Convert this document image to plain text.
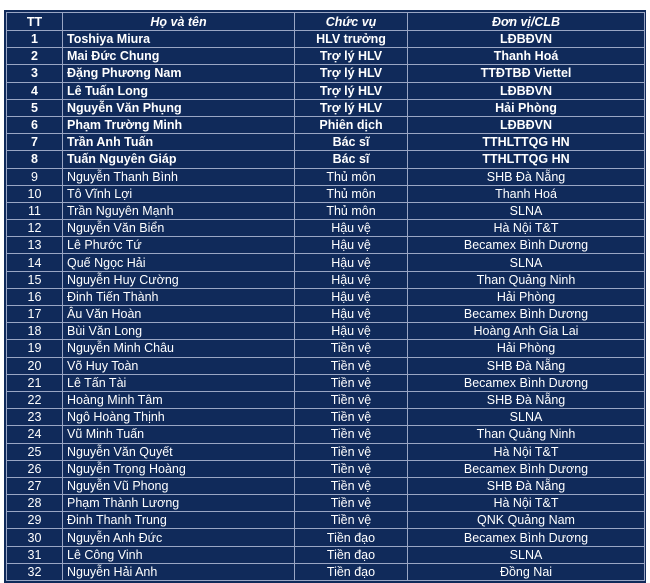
TT	Họ và tên	Chức vụ	Đơn vị/CLB
1	Toshiya Miura	HLV trưởng	LĐBĐVN
2	Mai Đức Chung	Trợ lý HLV	Thanh Hoá
3	Đặng Phương Nam	Trợ lý HLV	TTĐTBĐ Viettel
4	Lê Tuấn Long	Trợ lý HLV	LĐBĐVN
5	Nguyễn Văn Phụng	Trợ lý HLV	Hải Phòng
6	Phạm Trường Minh	Phiên dịch	LĐBĐVN
7	Trần Anh Tuấn	Bác sĩ	TTHLTTQG HN
8	Tuấn Nguyên Giáp	Bác sĩ	TTHLTTQG HN
9	Nguyễn Thanh Bình	Thủ môn	SHB Đà Nẵng
10	Tô Vĩnh Lợi	Thủ môn	Thanh Hoá
11	Trần Nguyên Mạnh	Thủ môn	SLNA
12	Nguyễn Văn Biển	Hậu vệ	Hà Nội T&T
13	Lê Phước Tứ	Hậu vệ	Becamex Bình Dương
14	Quế Ngọc Hải	Hậu vệ	SLNA
15	Nguyễn Huy Cường	Hậu vệ	Than Quảng Ninh
16	Đinh Tiến Thành	Hậu vệ	Hải Phòng
17	Âu Văn Hoàn	Hậu vệ	Becamex Bình Dương
18	Bùi Văn Long	Hậu vệ	Hoàng Anh Gia Lai
19	Nguyễn Minh Châu	Tiền vệ	Hải Phòng
20	Võ Huy Toàn	Tiền vệ	SHB Đà Nẵng
21	Lê Tấn Tài	Tiền vệ	Becamex Bình Dương
22	Hoàng Minh Tâm	Tiền vệ	SHB Đà Nẵng
23	Ngô Hoàng Thịnh	Tiền vệ	SLNA
24	Vũ Minh Tuấn	Tiền vệ	Than Quảng Ninh
25	Nguyễn Văn Quyết	Tiền vệ	Hà Nội T&T
26	Nguyễn Trọng Hoàng	Tiền vệ	Becamex Bình Dương
27	Nguyễn Vũ Phong	Tiền vệ	SHB Đà Nẵng
28	Phạm Thành Lương	Tiền vệ	Hà Nội T&T
29	Đinh Thanh Trung	Tiền vệ	QNK Quảng Nam
30	Nguyễn Anh Đức	Tiền đạo	Becamex Bình Dương
31	Lê Công Vinh	Tiền đạo	SLNA
32	Nguyễn Hải Anh	Tiền đạo	Đồng Nai
